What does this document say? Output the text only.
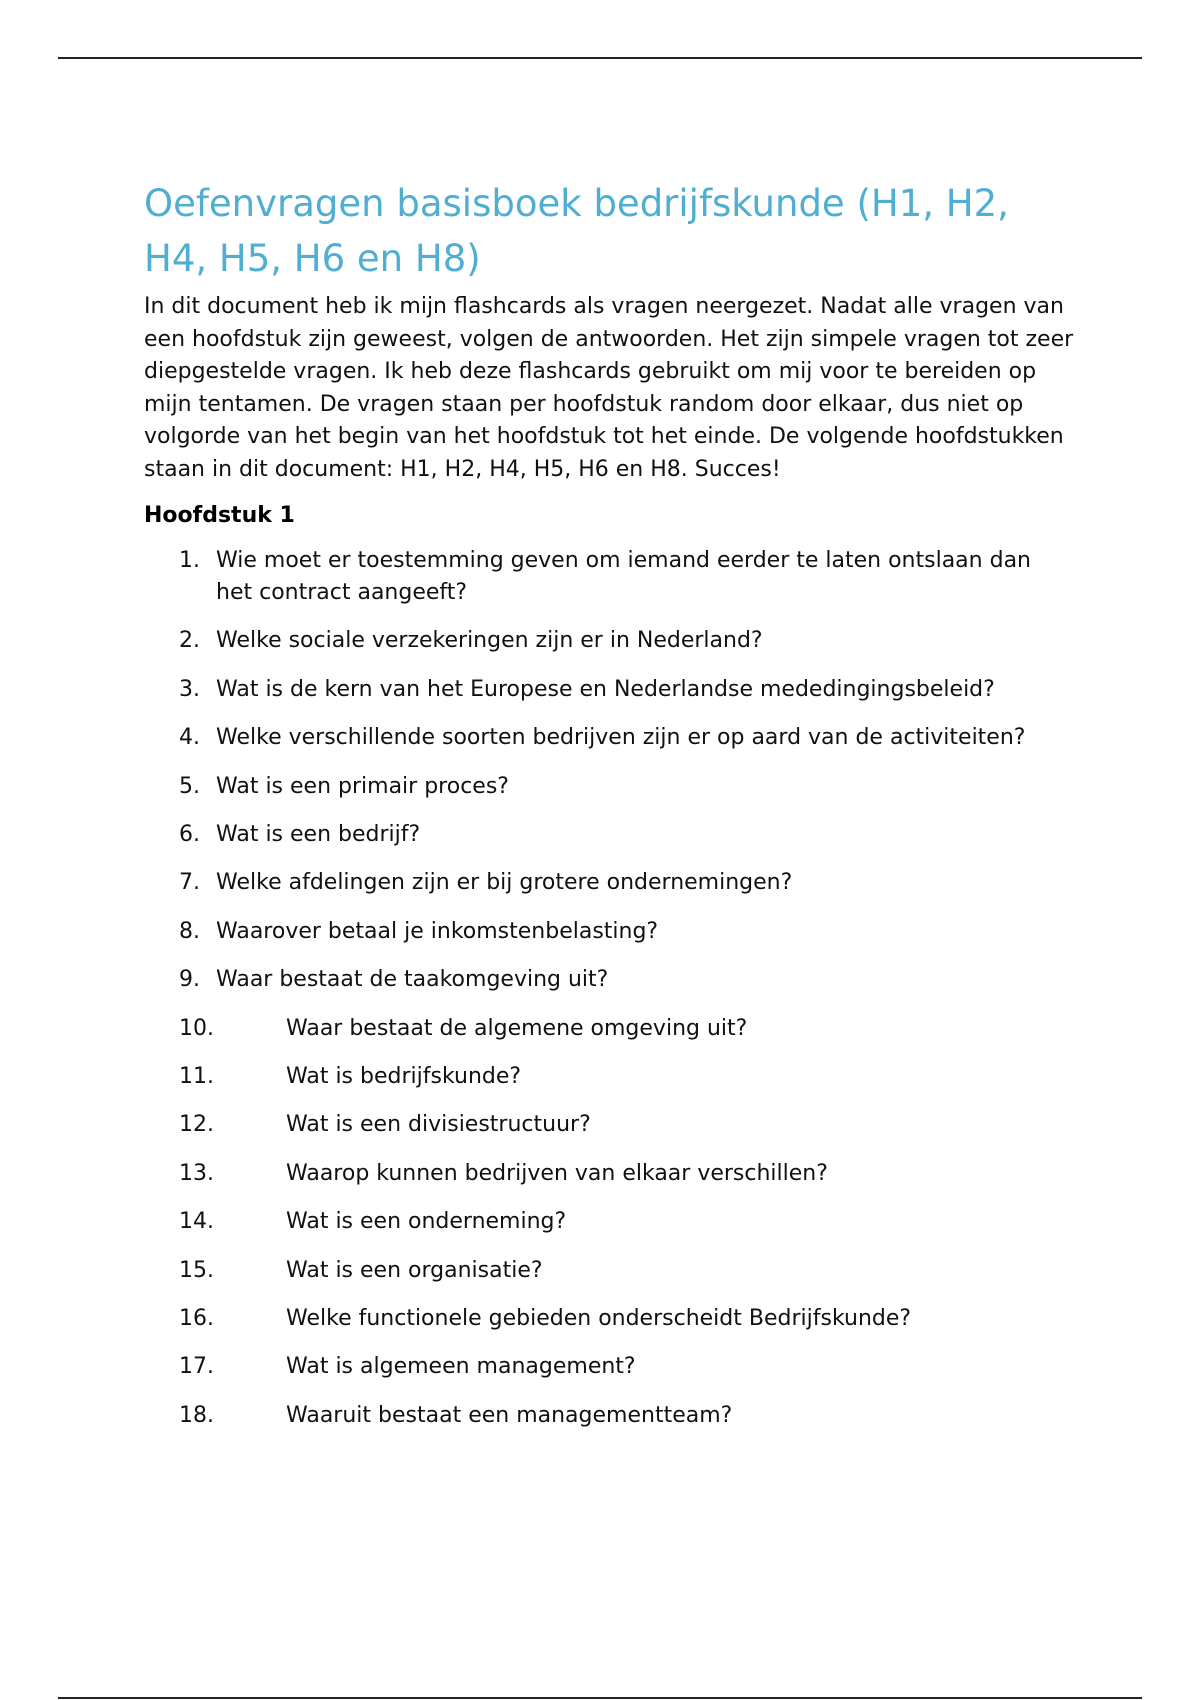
Oefenvragen basisboek bedrijfskunde (H1, H2, H4, H5, H6 en H8)

In dit document heb ik mijn flashcards als vragen neergezet. Nadat alle vragen van een hoofdstuk zijn geweest, volgen de antwoorden. Het zijn simpele vragen tot zeer diepgestelde vragen. Ik heb deze flashcards gebruikt om mij voor te bereiden op mijn tentamen. De vragen staan per hoofdstuk random door elkaar, dus niet op volgorde van het begin van het hoofdstuk tot het einde. De volgende hoofdstukken staan in dit document: H1, H2, H4, H5, H6 en H8. Succes!

Hoofdstuk 1

1. Wie moet er toestemming geven om iemand eerder te laten ontslaan dan het contract aangeeft?
2. Welke sociale verzekeringen zijn er in Nederland?
3. Wat is de kern van het Europese en Nederlandse mededingingsbeleid?
4. Welke verschillende soorten bedrijven zijn er op aard van de activiteiten?
5. Wat is een primair proces?
6. Wat is een bedrijf?
7. Welke afdelingen zijn er bij grotere ondernemingen?
8. Waarover betaal je inkomstenbelasting?
9. Waar bestaat de taakomgeving uit?
10.	Waar bestaat de algemene omgeving uit?
11.	Wat is bedrijfskunde?
12.	Wat is een divisiestructuur?
13.	Waarop kunnen bedrijven van elkaar verschillen?
14.	Wat is een onderneming?
15.	Wat is een organisatie?
16.	Welke functionele gebieden onderscheidt Bedrijfskunde?
17.	Wat is algemeen management?
18.	Waaruit bestaat een managementteam?
